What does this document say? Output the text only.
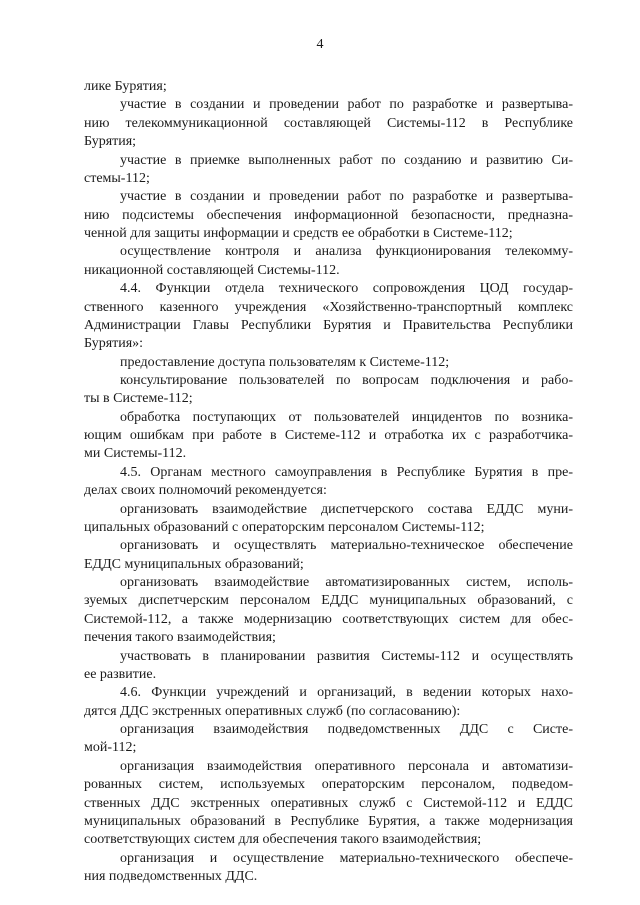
4
лике Бурятия;
участие в создании и проведении работ по разработке и развертыва-
нию телекоммуникационной составляющей Системы-112 в Республике
Бурятия;
участие в приемке выполненных работ по созданию и развитию Си-
стемы-112;
участие в создании и проведении работ по разработке и развертыва-
нию подсистемы обеспечения информационной безопасности, предназна-
ченной для защиты информации и средств ее обработки в Системе-112;
осуществление контроля и анализа функционирования телекомму-
никационной составляющей Системы-112.
4.4. Функции отдела технического сопровождения ЦОД государ-
ственного казенного учреждения «Хозяйственно-транспортный комплекс
Администрации Главы Республики Бурятия и Правительства Республики
Бурятия»:
предоставление доступа пользователям к Системе-112;
консультирование пользователей по вопросам подключения и рабо-
ты в Системе-112;
обработка поступающих от пользователей инцидентов по возника-
ющим ошибкам при работе в Системе-112 и отработка их с разработчика-
ми Системы-112.
4.5. Органам местного самоуправления в Республике Бурятия в пре-
делах своих полномочий рекомендуется:
организовать взаимодействие диспетчерского состава ЕДДС муни-
ципальных образований с операторским персоналом Системы-112;
организовать и осуществлять материально-техническое обеспечение
ЕДДС муниципальных образований;
организовать взаимодействие автоматизированных систем, исполь-
зуемых диспетчерским персоналом ЕДДС муниципальных образований, с
Системой-112, а также модернизацию соответствующих систем для обес-
печения такого взаимодействия;
участвовать в планировании развития Системы-112 и осуществлять
ее развитие.
4.6. Функции учреждений и организаций, в ведении которых нахо-
дятся ДДС экстренных оперативных служб (по согласованию):
организация взаимодействия подведомственных ДДС с Систе-
мой-112;
организация взаимодействия оперативного персонала и автоматизи-
рованных систем, используемых операторским персоналом, подведом-
ственных ДДС экстренных оперативных служб с Системой-112 и ЕДДС
муниципальных образований в Республике Бурятия, а также модернизация
соответствующих систем для обеспечения такого взаимодействия;
организация и осуществление материально-технического обеспече-
ния подведомственных ДДС.
